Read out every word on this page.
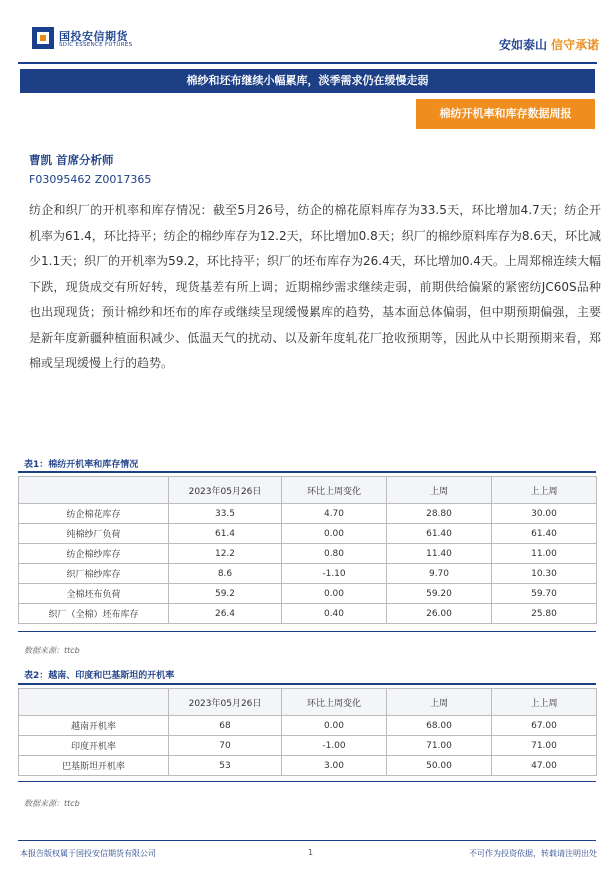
国投安信期货
SDIC ESSENCE FUTURES	安如泰山 信守承诺
棉纱和坯布继续小幅累库，淡季需求仍在缓慢走弱
棉纺开机率和库存数据周报
曹凯 首席分析师
F03095462 Z0017365
纺企和织厂的开机率和库存情况：截至5月26号，纺企的棉花原料库存为33.5天，环比增加4.7天；纺企开机率为61.4，环比持平；纺企的棉纱库存为12.2天，环比增加0.8天；织厂的棉纱原料库存为8.6天，环比减少1.1天；织厂的开机率为59.2，环比持平；织厂的坯布库存为26.4天，环比增加0.4天。上周郑棉连续大幅下跌，现货成交有所好转，现货基差有所上调；近期棉纱需求继续走弱，前期供给偏紧的紧密纺JC60S品种也出现现货；预计棉纱和坯布的库存或继续呈现缓慢累库的趋势，基本面总体偏弱，但中期预期偏强，主要是新年度新疆种植面积减少、低温天气的扰动、以及新年度轧花厂抢收预期等，因此从中长期预期来看，郑棉或呈现缓慢上行的趋势。
表1：棉纺开机率和库存情况
	2023年05月26日	环比上周变化	上周	上上周
纺企棉花库存	33.5	4.70	28.80	30.00
纯棉纱厂负荷	61.4	0.00	61.40	61.40
纺企棉纱库存	12.2	0.80	11.40	11.00
织厂棉纱库存	8.6	-1.10	9.70	10.30
全棉坯布负荷	59.2	0.00	59.20	59.70
织厂（全棉）坯布库存	26.4	0.40	26.00	25.80
数据来源：ttcb
表2：越南、印度和巴基斯坦的开机率
	2023年05月26日	环比上周变化	上周	上上周
越南开机率	68	0.00	68.00	67.00
印度开机率	70	-1.00	71.00	71.00
巴基斯坦开机率	53	3.00	50.00	47.00
数据来源：ttcb
本报告版权属于国投安信期货有限公司	1	不可作为投资依据，转载请注明出处
